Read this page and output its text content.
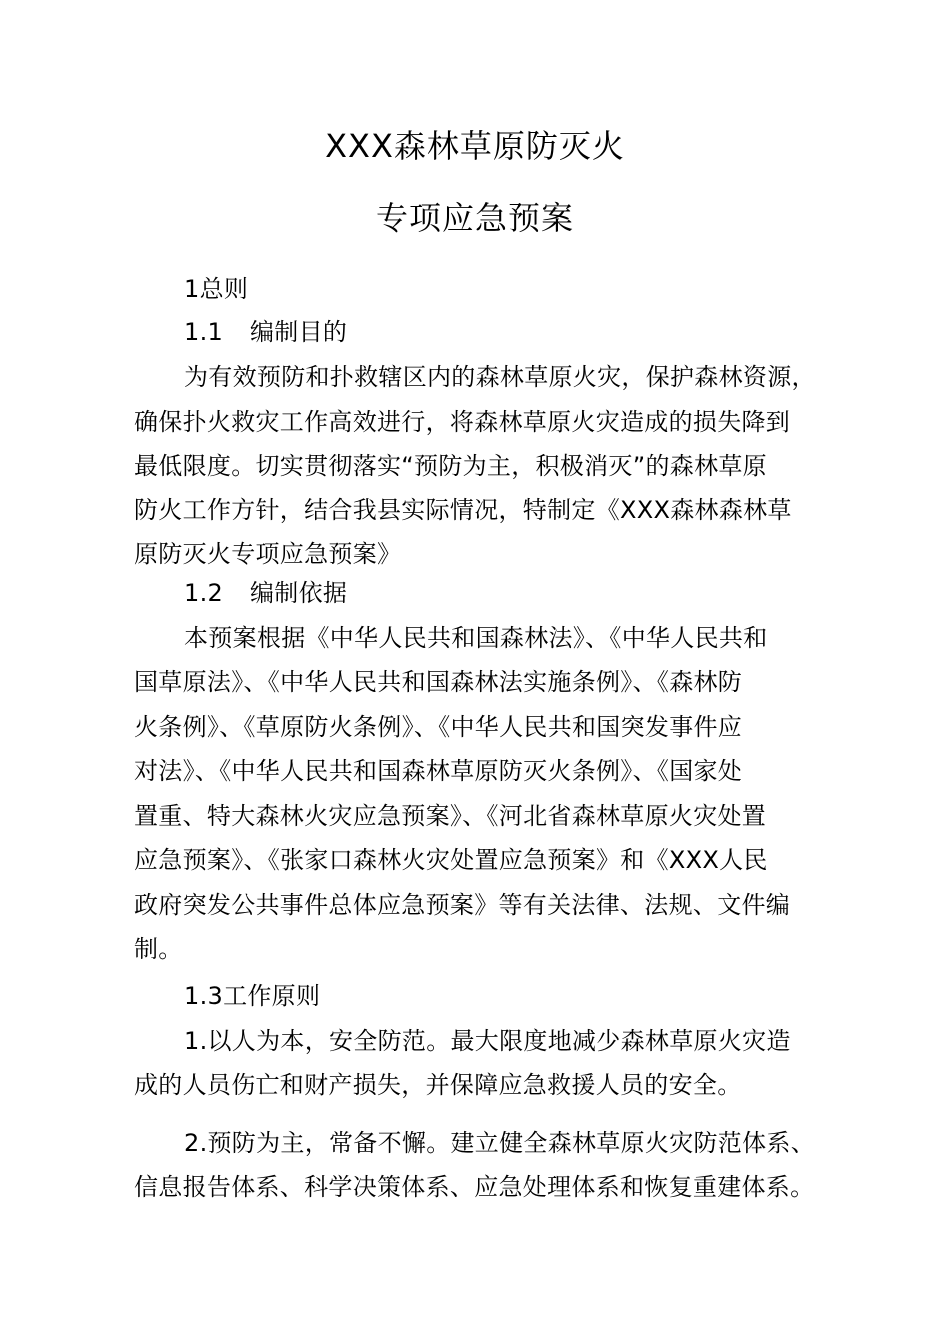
XXX森林草原防灭火
专项应急预案
1总则
1.1 编制目的
为有效预防和扑救辖区内的森林草原火灾，保护森林资源，
确保扑火救灾工作高效进行，将森林草原火灾造成的损失降到
最低限度。切实贯彻落实“预防为主，积极消灭”的森林草原
防火工作方针，结合我县实际情况，特制定《XXX森林森林草
原防灭火专项应急预案》
1.2 编制依据
本预案根据《中华人民共和国森林法》、《中华人民共和
国草原法》、《中华人民共和国森林法实施条例》、《森林防
火条例》、《草原防火条例》、《中华人民共和国突发事件应
对法》、《中华人民共和国森林草原防灭火条例》、《国家处
置重、特大森林火灾应急预案》、《河北省森林草原火灾处置
应急预案》、《张家口森林火灾处置应急预案》和《XXX人民
政府突发公共事件总体应急预案》等有关法律、法规、文件编
制。
1.3工作原则
1.以人为本，安全防范。最大限度地减少森林草原火灾造
成的人员伤亡和财产损失，并保障应急救援人员的安全。
2.预防为主，常备不懈。建立健全森林草原火灾防范体系、
信息报告体系、科学决策体系、应急处理体系和恢复重建体系。
